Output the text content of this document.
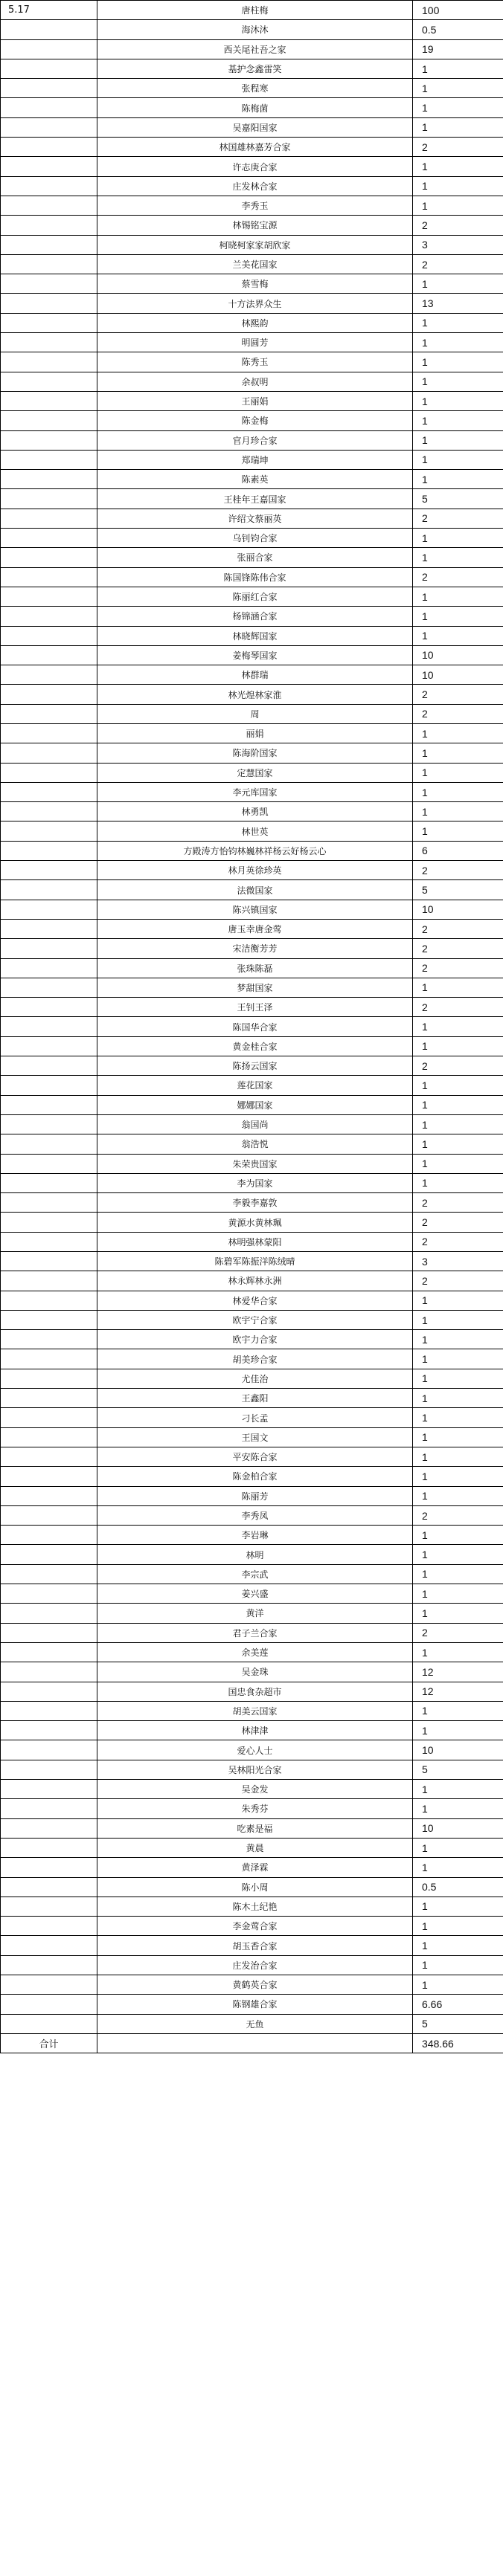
5.17	唐柱梅	100
	海沐沐	0.5
	西关尾社吾之家	19
	基护念鑫雷笑	1
	张程寒	1
	陈梅菌	1
	吴嘉阳国家	1
	林国雄林嘉芳合家	2
	许志庚合家	1
	庄发林合家	1
	李秀玉	1
	林锡铭宝源	2
	柯晓柯家家胡欣家	3
	兰美花国家	2
	蔡雪梅	1
	十方法界众生	13
	林熙韵	1
	明圆芳	1
	陈秀玉	1
	余叔明	1
	王丽娟	1
	陈金梅	1
	官月珍合家	1
	郑瑞坤	1
	陈素英	1
	王桂年王嘉国家	5
	许绍文蔡丽英	2
	乌钊钧合家	1
	张丽合家	1
	陈国锋陈伟合家	2
	陈丽红合家	1
	杨锦涵合家	1
	林晓辉国家	1
	姜梅琴国家	10
	林群瑞	10
	林光煌林家淮	2
	周	2
	丽娟	1
	陈海阶国家	1
	定慧国家	1
	李元库国家	1
	林勇凯	1
	林世英	1
	方殿涛方怡钧林巍林祥杨云好杨云心	6
	林月英徐珍英	2
	法微国家	5
	陈兴镇国家	10
	唐玉幸唐金莺	2
	宋洁衡芳芳	2
	张珠陈磊	2
	梦甜国家	1
	王钊王泽	2
	陈国华合家	1
	黄金桂合家	1
	陈扬云国家	2
	莲花国家	1
	娜娜国家	1
	翁国尚	1
	翁浩悦	1
	朱荣贵国家	1
	李为国家	1
	李毅李嘉敦	2
	黄源水黄林珮	2
	林明强林蒙阳	2
	陈碧军陈振洋陈绒晴	3
	林永辉林永洲	2
	林爱华合家	1
	欧宇宁合家	1
	欧宇力合家	1
	胡美珍合家	1
	尤佳治	1
	王鑫阳	1
	刁长孟	1
	王国文	1
	平安陈合家	1
	陈金柏合家	1
	陈丽芳	1
	李秀凤	2
	李岩琳	1
	林明	1
	李宗武	1
	姜兴盛	1
	黄洋	1
	君子兰合家	2
	余美莲	1
	吴金珠	12
	国忠食杂超市	12
	胡美云国家	1
	林津津	1
	爱心人士	10
	吴林阳光合家	5
	吴金发	1
	朱秀芬	1
	吃素是福	10
	黄晨	1
	黄泽霖	1
	陈小周	0.5
	陈木土纪艳	1
	李金莺合家	1
	胡玉香合家	1
	庄发治合家	1
	黄鹤英合家	1
	陈钢雄合家	6.66
	无鱼	5
合计		348.66
